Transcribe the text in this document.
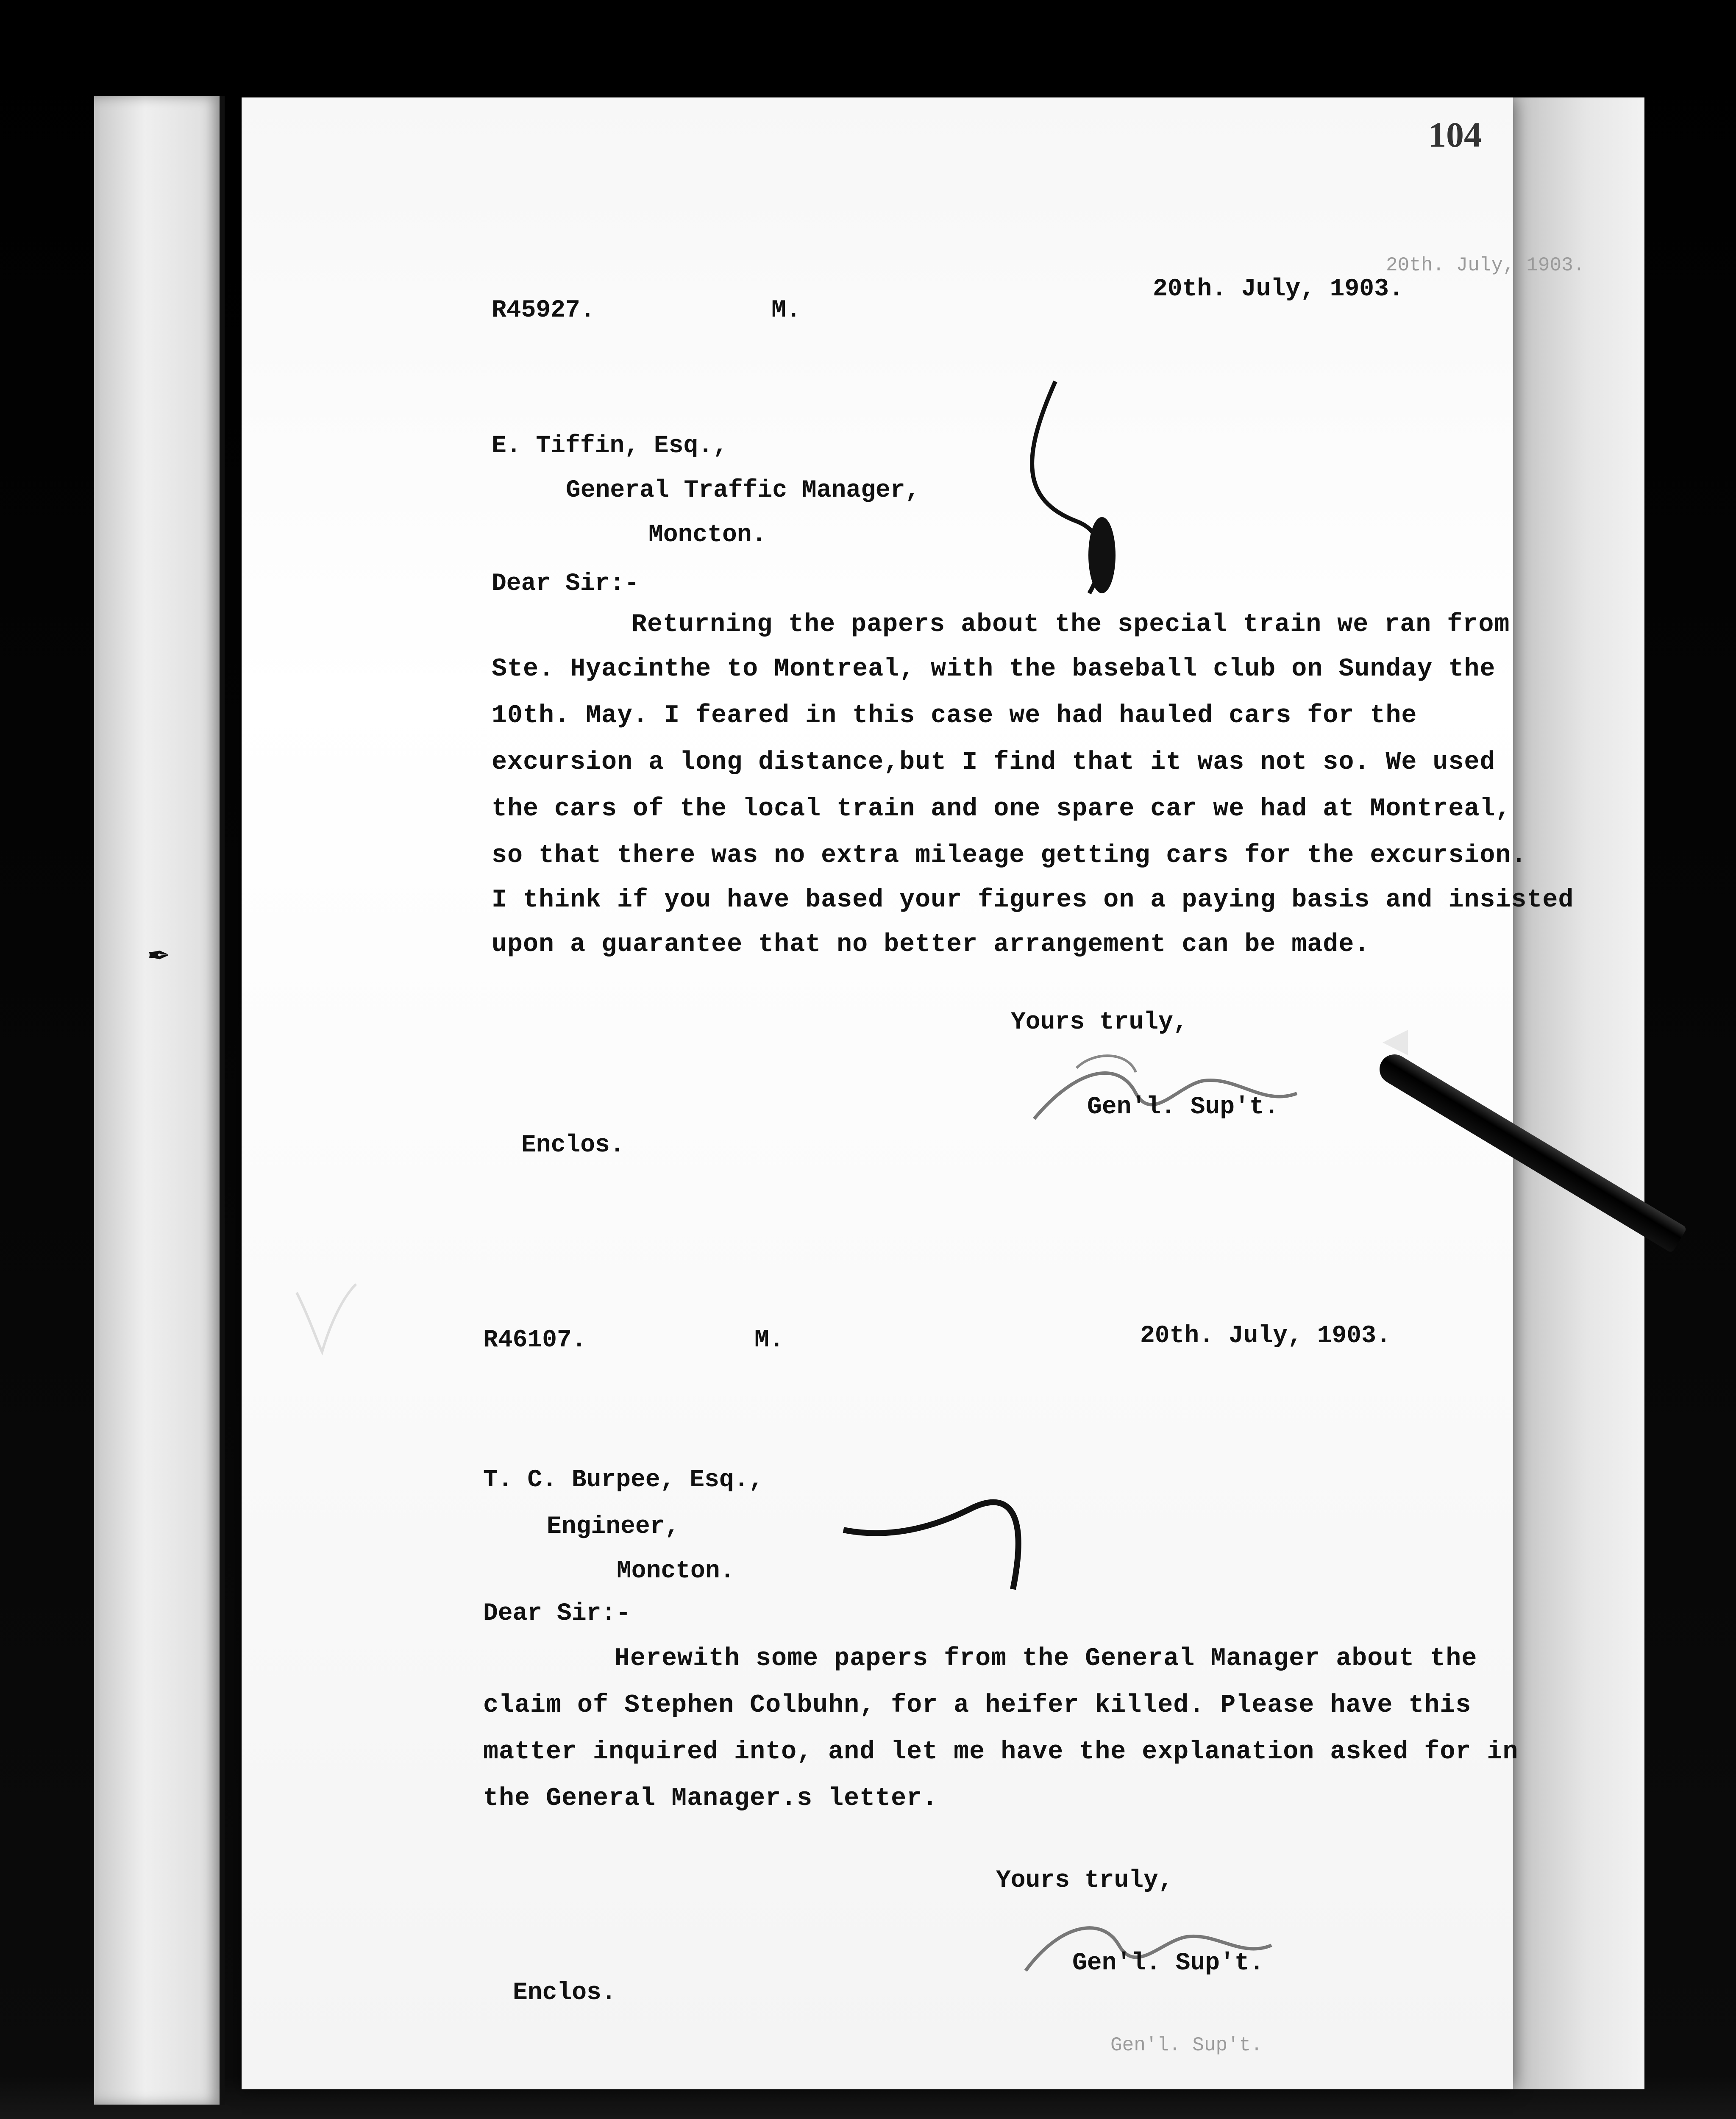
104
20th. July, 1903.
R45927.	M.
20th. July, 1903.
E. Tiffin, Esq.,
General Traffic Manager,
Moncton.
Dear Sir:-
Returning the papers about the special train we ran from
Ste. Hyacinthe to Montreal, with the baseball club on Sunday the
10th. May. I feared in this case we had hauled cars for the
excursion a long distance,but I find that it was not so. We used
the cars of the local train and one spare car we had at Montreal,
so that there was no extra mileage getting cars for the excursion.
I think if you have based your figures on a paying basis and insisted
upon a guarantee that no better arrangement can be made.
Yours truly,
Gen'l. Sup't.
Enclos.
R46107.	M.	20th. July, 1903.
T. C. Burpee, Esq.,
Engineer,
Moncton.
Dear Sir:-
Herewith some papers from the General Manager about the
claim of Stephen Colbuhn, for a heifer killed. Please have this
matter inquired into, and let me have the explanation asked for in
the General Manager.s letter.
Yours truly,
Gen'l. Sup't.
Enclos.
Gen'l. Sup't.
✒
